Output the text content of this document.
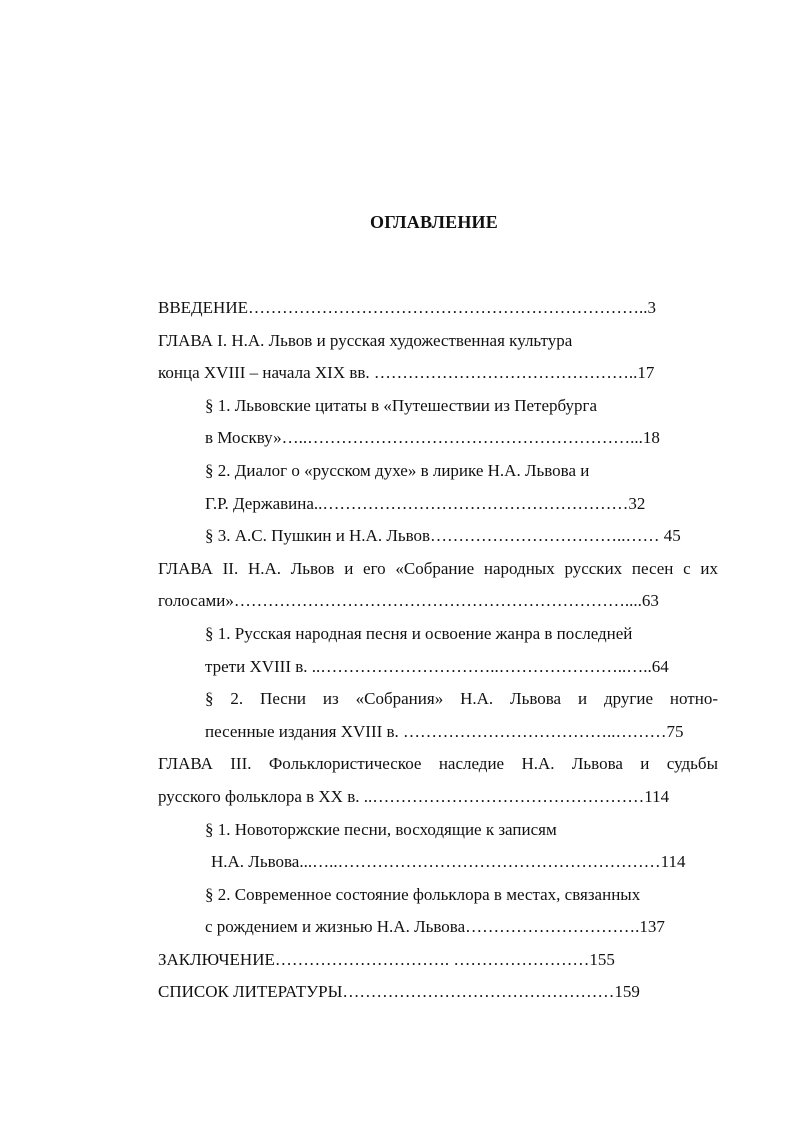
ОГЛАВЛЕНИЕ
ВВЕДЕНИЕ……………………………………………………………..3
ГЛАВА I. Н.А. Львов и русская художественная культура
конца XVIII – начала XIX вв. ………………………………………..17
§ 1. Львовские цитаты в «Путешествии из Петербурга
в Москву»…..…………………………………………………...18
§ 2. Диалог о «русском духе» в лирике Н.А. Львова и
Г.Р. Державина..………………………………………………32
§ 3. А.С. Пушкин и Н.А. Львов……………………………..…… 45
ГЛАВА II. Н.А. Львов и его «Собрание народных русских песен с их
голосами»……………………………………………………………....63
§ 1. Русская народная песня и освоение жанра в последней
трети XVIII в. ..…………………………..…………………..…..64
§ 2. Песни из «Собрания» Н.А. Львова и другие нотно-
песенные издания XVIII в. ………………………………..………75
ГЛАВА III. Фольклористическое наследие Н.А. Львова и судьбы
русского фольклора в XX в. ..…………………………………………114
§ 1. Новоторжские песни, восходящие к записям
Н.А. Львова...…..…………………………………………………114
§ 2. Современное состояние фольклора в местах, связанных
с рождением и жизнью Н.А. Львова………………………….137
ЗАКЛЮЧЕНИЕ…………………………. ……………………155
СПИСОК ЛИТЕРАТУРЫ…………………………………………159
